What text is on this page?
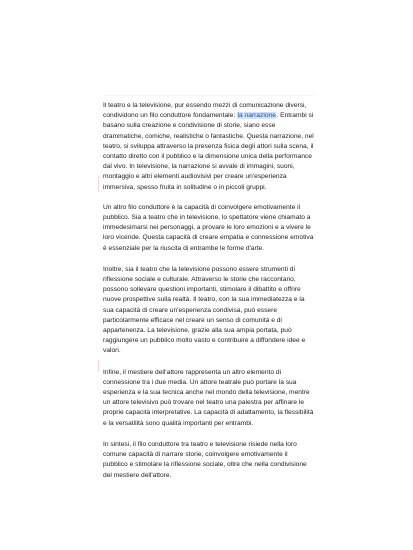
Il teatro e la televisione, pur essendo mezzi di comunicazione diversi, condividono un filo conduttore fondamentale: la narrazione. Entrambi si basano sulla creazione e condivisione di storie, siano esse drammatiche, comiche, realistiche o fantastiche. Questa narrazione, nel teatro, si sviluppa attraverso la presenza fisica degli attori sulla scena, il contatto diretto con il pubblico e la dimensione unica della performance dal vivo. In televisione, la narrazione si avvale di immagini, suoni, montaggio e altri elementi audiovisivi per creare un'esperienza immersiva, spesso fruita in solitudine o in piccoli gruppi.

Un altro filo conduttore è la capacità di coinvolgere emotivamente il pubblico. Sia a teatro che in televisione, lo spettatore viene chiamato a immedesimarsi nei personaggi, a provare le loro emozioni e a vivere le loro vicende. Questa capacità di creare empatia e connessione emotiva è essenziale per la riuscita di entrambe le forme d'arte.

Inoltre, sia il teatro che la televisione possono essere strumenti di riflessione sociale e culturale. Attraverso le storie che raccontano, possono sollevare questioni importanti, stimolare il dibattito e offrire nuove prospettive sulla realtà. Il teatro, con la sua immediatezza e la sua capacità di creare un'esperienza condivisa, può essere particolarmente efficace nel creare un senso di comunità e di appartenenza. La televisione, grazie alla sua ampia portata, può raggiungere un pubblico molto vasto e contribuire a diffondere idee e valori.

Infine, il mestiere dell'attore rappresenta un altro elemento di connessione tra i due media. Un attore teatrale può portare la sua esperienza e la sua tecnica anche nel mondo della televisione, mentre un attore televisivo può trovare nel teatro una palestra per affinare le proprie capacità interpretative. La capacità di adattamento, la flessibilità e la versatilità sono qualità importanti per entrambi.

In sintesi, il filo conduttore tra teatro e televisione risiede nella loro comune capacità di narrare storie, coinvolgere emotivamente il pubblico e stimolare la riflessione sociale, oltre che nella condivisione del mestiere dell'attore.
